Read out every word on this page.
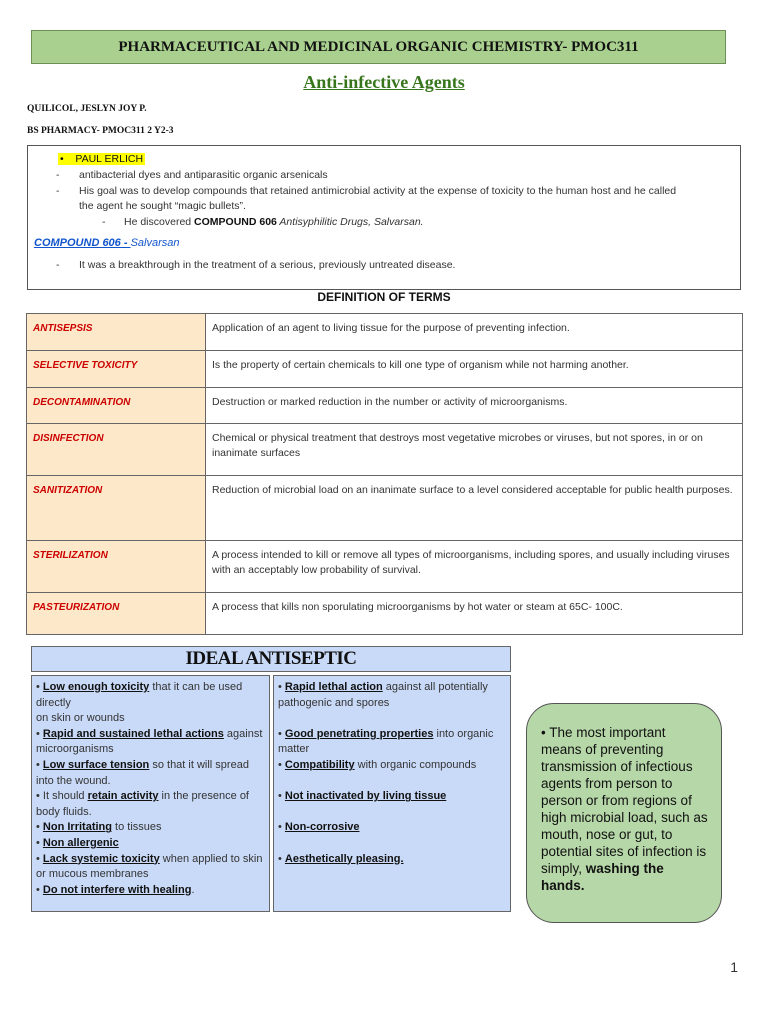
PHARMACEUTICAL AND MEDICINAL ORGANIC CHEMISTRY- PMOC311
Anti-infective Agents
QUILICOL, JESLYN JOY P.
BS PHARMACY- PMOC311 2 Y2-3
• PAUL ERLICH
- antibacterial dyes and antiparasitic organic arsenicals
- His goal was to develop compounds that retained antimicrobial activity at the expense of toxicity to the human host and he called
the agent he sought “magic bullets”.
- He discovered COMPOUND 606 Antisyphilitic Drugs, Salvarsan.
COMPOUND 606 - Salvarsan
- It was a breakthrough in the treatment of a serious, previously untreated disease.
DEFINITION OF TERMS
ANTISEPSIS	Application of an agent to living tissue for the purpose of preventing infection.
SELECTIVE TOXICITY	Is the property of certain chemicals to kill one type of organism while not harming another.
DECONTAMINATION	Destruction or marked reduction in the number or activity of microorganisms.
DISINFECTION	Chemical or physical treatment that destroys most vegetative microbes or viruses, but not spores, in or on inanimate surfaces
SANITIZATION	Reduction of microbial load on an inanimate surface to a level considered acceptable for public health purposes.
STERILIZATION	A process intended to kill or remove all types of microorganisms, including spores, and usually including viruses with an acceptably low probability of survival.
PASTEURIZATION	A process that kills non sporulating microorganisms by hot water or steam at 65C- 100C.
IDEAL ANTISEPTIC

• Low enough toxicity that it can be used directly

on skin or wounds

• Rapid and sustained lethal actions against microorganisms

• Low surface tension so that it will spread into the wound.

• It should retain activity in the presence of body fluids.

• Non Irritating to tissues

• Non allergenic

• Lack systemic toxicity when applied to skin or mucous membranes

• Do not interfere with healing.

• Rapid lethal action against all potentially pathogenic and spores

• Good penetrating properties into organic matter

• Compatibility with organic compounds

• Not inactivated by living tissue

• Non-corrosive

• Aesthetically pleasing.

• The most important means of preventing transmission of infectious agents from person to person or from regions of high microbial load, such as mouth, nose or gut, to potential sites of infection is simply, washing the hands.
1
